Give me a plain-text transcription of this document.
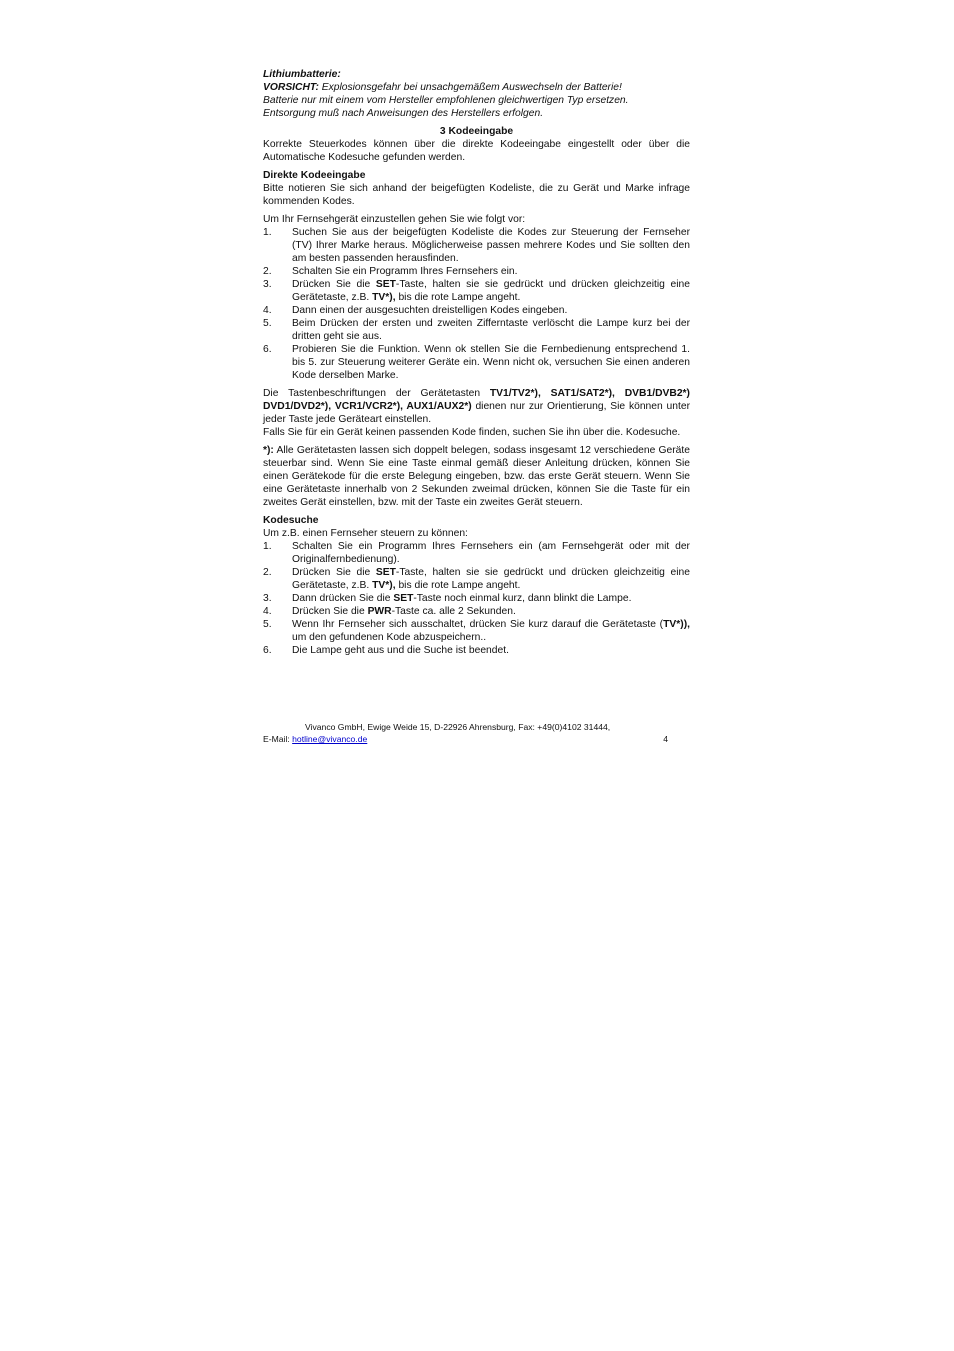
Lithiumbatterie:

VORSICHT: Explosionsgefahr bei unsachgemäßem Auswechseln der Batterie!

Batterie nur mit einem vom Hersteller empfohlenen gleichwertigen Typ ersetzen.

Entsorgung muß nach Anweisungen des Herstellers erfolgen.

3 Kodeeingabe

Korrekte Steuerkodes können über die direkte Kodeeingabe eingestellt oder über die Automatische Kodesuche gefunden werden.

Direkte Kodeeingabe

Bitte notieren Sie sich anhand der beigefügten Kodeliste, die zu Gerät und Marke infrage kommenden Kodes.

Um Ihr Fernsehgerät einzustellen gehen Sie wie folgt vor:

1.	Suchen Sie aus der beigefügten Kodeliste die Kodes zur Steuerung der Fernseher (TV) Ihrer Marke heraus. Möglicherweise passen mehrere Kodes und Sie sollten den am besten passenden herausfinden.
2.	Schalten Sie ein Programm Ihres Fernsehers ein.
3.	Drücken Sie die SET-Taste, halten sie sie gedrückt und drücken gleichzeitig eine Gerätetaste, z.B. TV*), bis die rote Lampe angeht.
4.	Dann einen der ausgesuchten dreistelligen Kodes eingeben.
5.	Beim Drücken der ersten und zweiten Zifferntaste verlöscht die Lampe kurz bei der dritten geht sie aus.
6.	Probieren Sie die Funktion. Wenn ok stellen Sie die Fernbedienung entsprechend 1. bis 5. zur Steuerung weiterer Geräte ein. Wenn nicht ok, versuchen Sie einen anderen Kode derselben Marke.

Die Tastenbeschriftungen der Gerätetasten TV1/TV2*), SAT1/SAT2*), DVB1/DVB2*) DVD1/DVD2*), VCR1/VCR2*), AUX1/AUX2*) dienen nur zur Orientierung, Sie können unter jeder Taste jede Geräteart einstellen.

Falls Sie für ein Gerät keinen passenden Kode finden, suchen Sie ihn über die. Kodesuche.

*): Alle Gerätetasten lassen sich doppelt belegen, sodass insgesamt 12 verschiedene Geräte steuerbar sind. Wenn Sie eine Taste einmal gemäß dieser Anleitung drücken, können Sie einen Gerätekode für die erste Belegung eingeben, bzw. das erste Gerät steuern. Wenn Sie eine Gerätetaste innerhalb von 2 Sekunden zweimal drücken, können Sie die Taste für ein zweites Gerät einstellen, bzw. mit der Taste ein zweites Gerät steuern.

Kodesuche

Um z.B. einen Fernseher steuern zu können:

1.	Schalten Sie ein Programm Ihres Fernsehers ein (am Fernsehgerät oder mit der Originalfernbedienung).
2.	Drücken Sie die SET-Taste, halten sie sie gedrückt und drücken gleichzeitig eine Gerätetaste, z.B. TV*), bis die rote Lampe angeht.
3.	Dann drücken Sie die SET-Taste noch einmal kurz, dann blinkt die Lampe.
4.	Drücken Sie die PWR-Taste ca. alle 2 Sekunden.
5.	Wenn Ihr Fernseher sich ausschaltet, drücken Sie kurz darauf die Gerätetaste (TV*)), um den gefundenen Kode abzuspeichern..
6.	Die Lampe geht aus und die Suche ist beendet.
Vivanco GmbH, Ewige Weide 15, D-22926 Ahrensburg, Fax: +49(0)4102 31444,
E-Mail: hotline@vivanco.de	4
